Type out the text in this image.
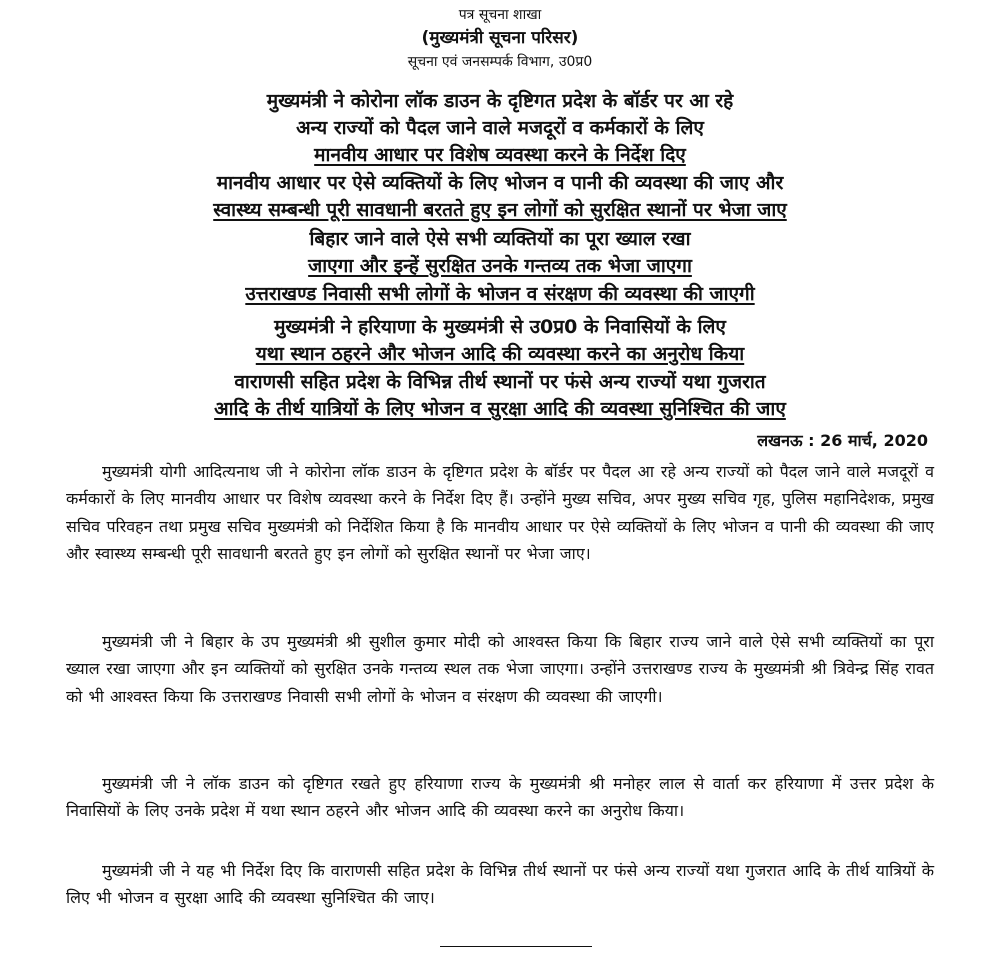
पत्र सूचना शाखा
(मुख्यमंत्री सूचना परिसर)
सूचना एवं जनसम्पर्क विभाग, उ0प्र0
मुख्यमंत्री ने कोरोना लॉक डाउन के दृष्टिगत प्रदेश के बॉर्डर पर आ रहे
अन्य राज्यों को पैदल जाने वाले मजदूरों व कर्मकारों के लिए
मानवीय आधार पर विशेष व्यवस्था करने के निर्देश दिए
मानवीय आधार पर ऐसे व्यक्तियों के लिए भोजन व पानी की व्यवस्था की जाए और
स्वास्थ्य सम्बन्धी पूरी सावधानी बरतते हुए इन लोगों को सुरक्षित स्थानों पर भेजा जाए
बिहार जाने वाले ऐसे सभी व्यक्तियों का पूरा ख्याल रखा
जाएगा और इन्हें सुरक्षित उनके गन्तव्य तक भेजा जाएगा
उत्तराखण्ड निवासी सभी लोगों के भोजन व संरक्षण की व्यवस्था की जाएगी
मुख्यमंत्री ने हरियाणा के मुख्यमंत्री से उ0प्र0 के निवासियों के लिए
यथा स्थान ठहरने और भोजन आदि की व्यवस्था करने का अनुरोध किया
वाराणसी सहित प्रदेश के विभिन्न तीर्थ स्थानों पर फंसे अन्य राज्यों यथा गुजरात
आदि के तीर्थ यात्रियों के लिए भोजन व सुरक्षा आदि की व्यवस्था सुनिश्चित की जाए
लखनऊ : 26 मार्च, 2020

मुख्यमंत्री योगी आदित्यनाथ जी ने कोरोना लॉक डाउन के दृष्टिगत प्रदेश के बॉर्डर पर पैदल आ रहे अन्य राज्यों को पैदल जाने वाले मजदूरों व कर्मकारों के लिए मानवीय आधार पर विशेष व्यवस्था करने के निर्देश दिए हैं। उन्होंने मुख्य सचिव, अपर मुख्य सचिव गृह, पुलिस महानिदेशक, प्रमुख सचिव परिवहन तथा प्रमुख सचिव मुख्यमंत्री को निर्देशित किया है कि मानवीय आधार पर ऐसे व्यक्तियों के लिए भोजन व पानी की व्यवस्था की जाए और स्वास्थ्य सम्बन्धी पूरी सावधानी बरतते हुए इन लोगों को सुरक्षित स्थानों पर भेजा जाए।

मुख्यमंत्री जी ने बिहार के उप मुख्यमंत्री श्री सुशील कुमार मोदी को आश्वस्त किया कि बिहार राज्य जाने वाले ऐसे सभी व्यक्तियों का पूरा ख्याल रखा जाएगा और इन व्यक्तियों को सुरक्षित उनके गन्तव्य स्थल तक भेजा जाएगा। उन्होंने उत्तराखण्ड राज्य के मुख्यमंत्री श्री त्रिवेन्द्र सिंह रावत को भी आश्वस्त किया कि उत्तराखण्ड निवासी सभी लोगों के भोजन व संरक्षण की व्यवस्था की जाएगी।

मुख्यमंत्री जी ने लॉक डाउन को दृष्टिगत रखते हुए हरियाणा राज्य के मुख्यमंत्री श्री मनोहर लाल से वार्ता कर हरियाणा में उत्तर प्रदेश के निवासियों के लिए उनके प्रदेश में यथा स्थान ठहरने और भोजन आदि की व्यवस्था करने का अनुरोध किया।

मुख्यमंत्री जी ने यह भी निर्देश दिए कि वाराणसी सहित प्रदेश के विभिन्न तीर्थ स्थानों पर फंसे अन्य राज्यों यथा गुजरात आदि के तीर्थ यात्रियों के लिए भी भोजन व सुरक्षा आदि की व्यवस्था सुनिश्चित की जाए।
